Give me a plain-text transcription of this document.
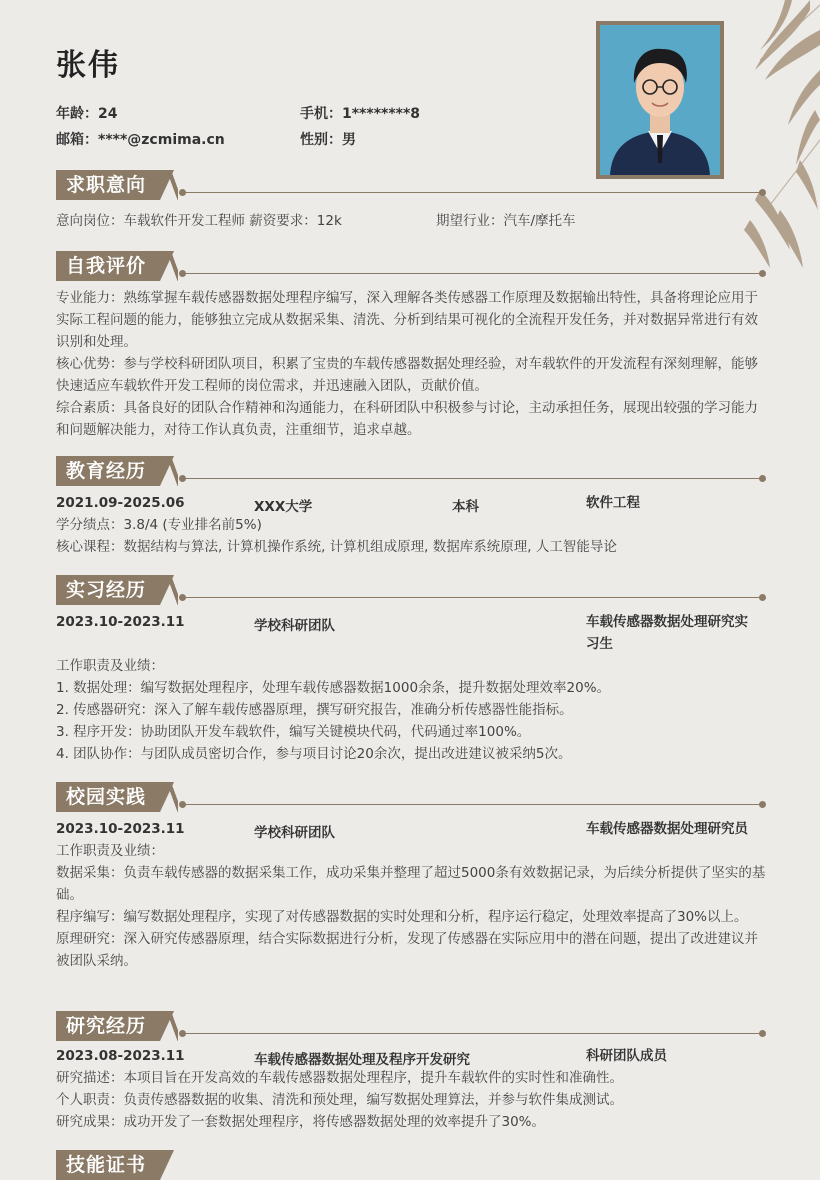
张伟
年龄：24	手机：1********8
邮箱：****@zcmima.cn	性别：男
求职意向
意向岗位：车载软件开发工程师 薪资要求：12k	期望行业：汽车/摩托车
自我评价

专业能力：熟练掌握车载传感器数据处理程序编写，深入理解各类传感器工作原理及数据输出特性，具备将理论应用于实际工程问题的能力，能够独立完成从数据采集、清洗、分析到结果可视化的全流程开发任务，并对数据异常进行有效识别和处理。

核心优势：参与学校科研团队项目，积累了宝贵的车载传感器数据处理经验，对车载软件的开发流程有深刻理解，能够快速适应车载软件开发工程师的岗位需求，并迅速融入团队，贡献价值。

综合素质：具备良好的团队合作精神和沟通能力，在科研团队中积极参与讨论，主动承担任务，展现出较强的学习能力和问题解决能力，对待工作认真负责，注重细节，追求卓越。

教育经历
2021.09-2025.06	XXX大学	本科	软件工程

学分绩点：3.8/4 (专业排名前5%)

核心课程：数据结构与算法, 计算机操作系统, 计算机组成原理, 数据库系统原理, 人工智能导论

实习经历
2023.10-2023.11	学校科研团队	车载传感器数据处理研究实习生

工作职责及业绩：

1. 数据处理：编写数据处理程序，处理车载传感器数据1000余条，提升数据处理效率20%。

2. 传感器研究：深入了解车载传感器原理，撰写研究报告，准确分析传感器性能指标。

3. 程序开发：协助团队开发车载软件，编写关键模块代码，代码通过率100%。

4. 团队协作：与团队成员密切合作，参与项目讨论20余次，提出改进建议被采纳5次。

校园实践
2023.10-2023.11	学校科研团队	车载传感器数据处理研究员

工作职责及业绩：

数据采集：负责车载传感器的数据采集工作，成功采集并整理了超过5000条有效数据记录，为后续分析提供了坚实的基础。

程序编写：编写数据处理程序，实现了对传感器数据的实时处理和分析，程序运行稳定，处理效率提高了30%以上。

原理研究：深入研究传感器原理，结合实际数据进行分析，发现了传感器在实际应用中的潜在问题，提出了改进建议并被团队采纳。

研究经历
2023.08-2023.11	车载传感器数据处理及程序开发研究	科研团队成员

研究描述：本项目旨在开发高效的车载传感器数据处理程序，提升车载软件的实时性和准确性。

个人职责：负责传感器数据的收集、清洗和预处理，编写数据处理算法，并参与软件集成测试。

研究成果：成功开发了一套数据处理程序，将传感器数据处理的效率提升了30%。

技能证书
